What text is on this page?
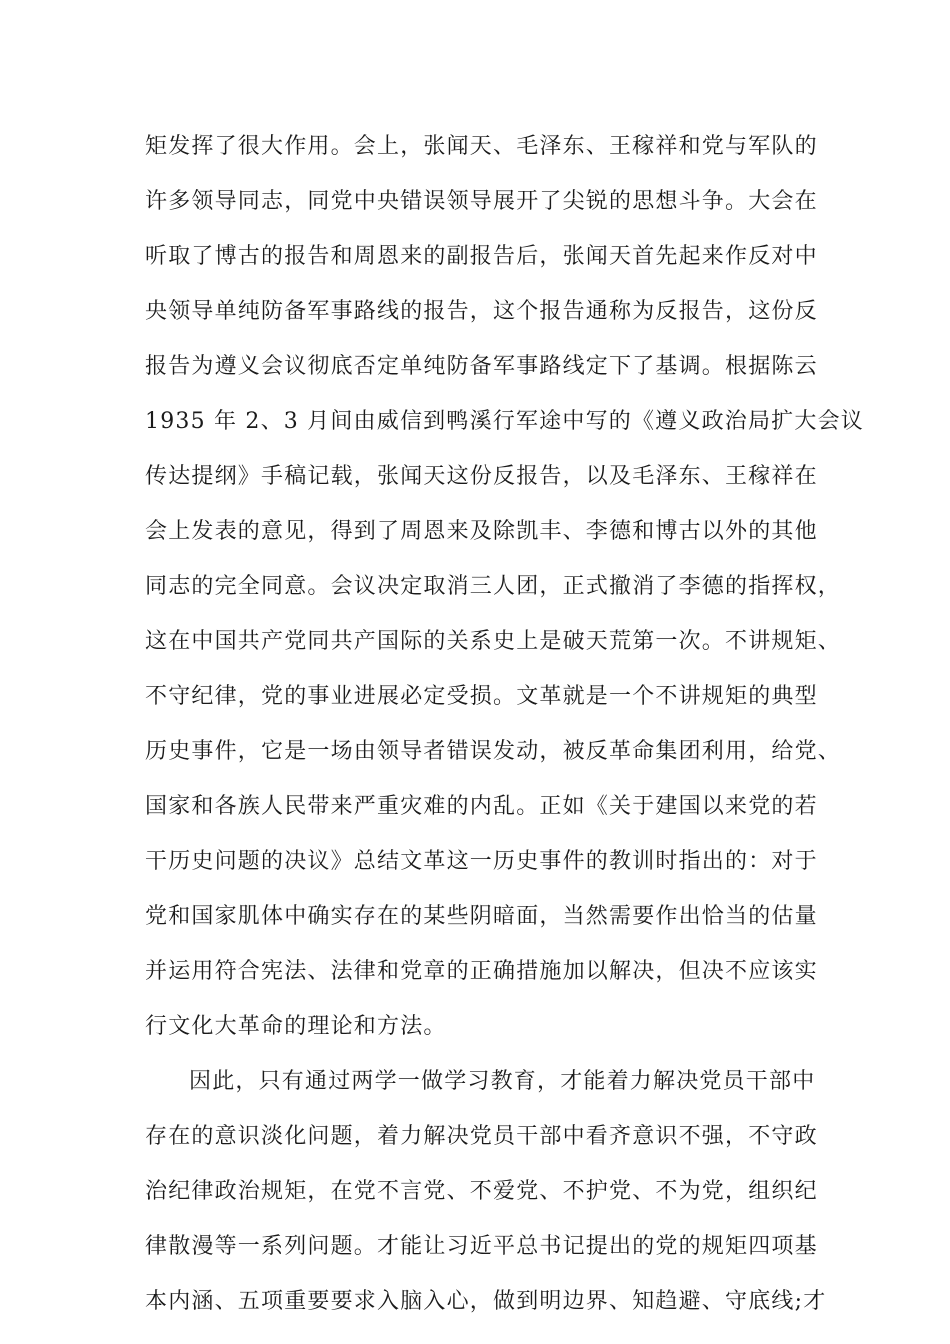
矩发挥了很大作用。会上，张闻天、毛泽东、王稼祥和党与军队的
许多领导同志，同党中央错误领导展开了尖锐的思想斗争。大会在
听取了博古的报告和周恩来的副报告后，张闻天首先起来作反对中
央领导单纯防备军事路线的报告，这个报告通称为反报告，这份反
报告为遵义会议彻底否定单纯防备军事路线定下了基调。根据陈云
1935 年 2、3 月间由威信到鸭溪行军途中写的《遵义政治局扩大会议
传达提纲》手稿记载，张闻天这份反报告，以及毛泽东、王稼祥在
会上发表的意见，得到了周恩来及除凯丰、李德和博古以外的其他
同志的完全同意。会议决定取消三人团，正式撤消了李德的指挥权，
这在中国共产党同共产国际的关系史上是破天荒第一次。不讲规矩、
不守纪律，党的事业进展必定受损。文革就是一个不讲规矩的典型
历史事件，它是一场由领导者错误发动，被反革命集团利用，给党、
国家和各族人民带来严重灾难的内乱。正如《关于建国以来党的若
干历史问题的决议》总结文革这一历史事件的教训时指出的：对于
党和国家肌体中确实存在的某些阴暗面，当然需要作出恰当的估量
并运用符合宪法、法律和党章的正确措施加以解决，但决不应该实
行文化大革命的理论和方法。
因此，只有通过两学一做学习教育，才能着力解决党员干部中
存在的意识淡化问题，着力解决党员干部中看齐意识不强，不守政
治纪律政治规矩，在党不言党、不爱党、不护党、不为党，组织纪
律散漫等一系列问题。才能让习近平总书记提出的党的规矩四项基
本内涵、五项重要要求入脑入心，做到明边界、知趋避、守底线;才
